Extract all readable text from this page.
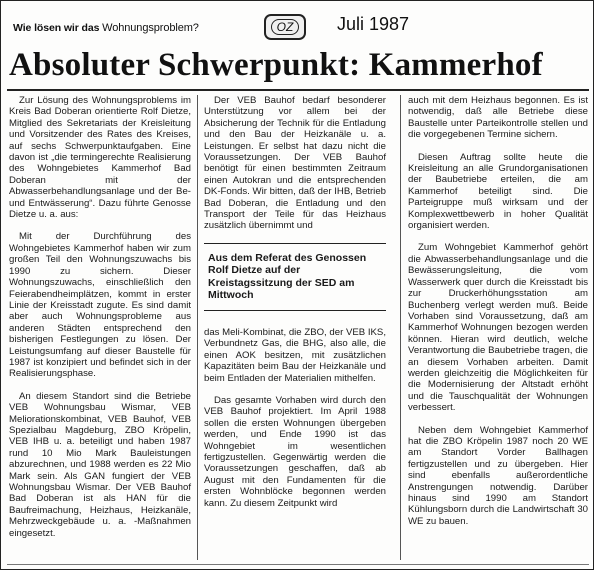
Wie lösen wir das Wohnungsproblem?	OZ	Juli 1987
Absoluter Schwerpunkt: Kammerhof

Zur Lösung des Wohnungsproblems im Kreis Bad Doberan orientierte Rolf Dietze, Mitglied des Sekretariats der Kreisleitung und Vorsitzender des Rates des Kreises, auf sechs Schwerpunktaufgaben. Eine davon ist „die termingerechte Realisierung des Wohngebietes Kammerhof Bad Doberan mit der Abwasserbehandlungsanlage und der Be- und Entwässerung“. Dazu führte Genosse Dietze u. a. aus:

Mit der Durchführung des Wohngebietes Kammerhof haben wir zum großen Teil den Wohnungszuwachs bis 1990 zu sichern. Dieser Wohnungszuwachs, einschließlich den Feierabendheimplätzen, kommt in erster Linie der Kreisstadt zugute. Es sind damit aber auch Wohnungsprobleme aus anderen Städten entsprechend den bisherigen Festlegungen zu lösen. Der Leistungsumfang auf dieser Baustelle für 1987 ist konzipiert und befindet sich in der Realisierungsphase.

An diesem Standort sind die Betriebe VEB Wohnungsbau Wismar, VEB Meliorationskombinat, VEB Bauhof, VEB Spezialbau Magdeburg, ZBO Kröpelin, VEB IHB u. a. beteiligt und haben 1987 rund 10 Mio Mark Bauleistungen abzurechnen, und 1988 werden es 22 Mio Mark sein. Als GAN fungiert der VEB Wohnungsbau Wismar. Der VEB Bauhof Bad Doberan ist als HAN für die Baufreimachung, Heizhaus, Heizkanäle, Mehrzweckgebäude u. a. -Maßnahmen eingesetzt.

Der VEB Bauhof bedarf besonderer Unterstützung vor allem bei der Absicherung der Technik für die Entladung und den Bau der Heizkanäle u. a. Leistungen. Er selbst hat dazu nicht die Voraussetzungen. Der VEB Bauhof benötigt für einen bestimmten Zeitraum einen Autokran und die entsprechenden DK-Fonds. Wir bitten, daß der IHB, Betrieb Bad Doberan, die Entladung und den Transport der Teile für das Heizhaus zusätzlich übernimmt und

Aus dem Referat des Genossen Rolf Dietze auf der Kreistagssitzung der SED am Mittwoch

das Meli-Kombinat, die ZBO, der VEB IKS, Verbundnetz Gas, die BHG, also alle, die einen AOK besitzen, mit zusätzlichen Kapazitäten beim Bau der Heizkanäle und beim Entladen der Materialien mithelfen.

Das gesamte Vorhaben wird durch den VEB Bauhof projektiert. Im April 1988 sollen die ersten Wohnungen übergeben werden, und Ende 1990 ist das Wohngebiet im wesentlichen fertigzustellen. Gegenwärtig werden die Voraussetzungen geschaffen, daß ab August mit den Fundamenten für die ersten Wohnblöcke begonnen werden kann. Zu diesem Zeitpunkt wird

auch mit dem Heizhaus begonnen. Es ist notwendig, daß alle Betriebe diese Baustelle unter Parteikontrolle stellen und die vorgegebenen Termine sichern.

Diesen Auftrag sollte heute die Kreisleitung an alle Grundorganisationen der Baubetriebe erteilen, die am Kammerhof beteiligt sind. Die Parteigruppe muß wirksam und der Komplexwettbewerb in hoher Qualität organisiert werden.

Zum Wohngebiet Kammerhof gehört die Abwasserbehandlungsanlage und die Bewässerungsleitung, die vom Wasserwerk quer durch die Kreisstadt bis zur Druckerhöhungsstation am Buchenberg verlegt werden muß. Beide Vorhaben sind Voraussetzung, daß am Kammerhof Wohnungen bezogen werden können. Hieran wird deutlich, welche Verantwortung die Baubetriebe tragen, die an diesem Vorhaben arbeiten. Damit werden gleichzeitig die Möglichkeiten für die Modernisierung der Altstadt erhöht und die Tauschqualität der Wohnungen verbessert.

Neben dem Wohngebiet Kammerhof hat die ZBO Kröpelin 1987 noch 20 WE am Standort Vorder Ballhagen fertigzustellen und zu übergeben. Hier sind ebenfalls außerordentliche Anstrengungen notwendig. Darüber hinaus sind 1990 am Standort Kühlungsborn durch die Landwirtschaft 30 WE zu bauen.
